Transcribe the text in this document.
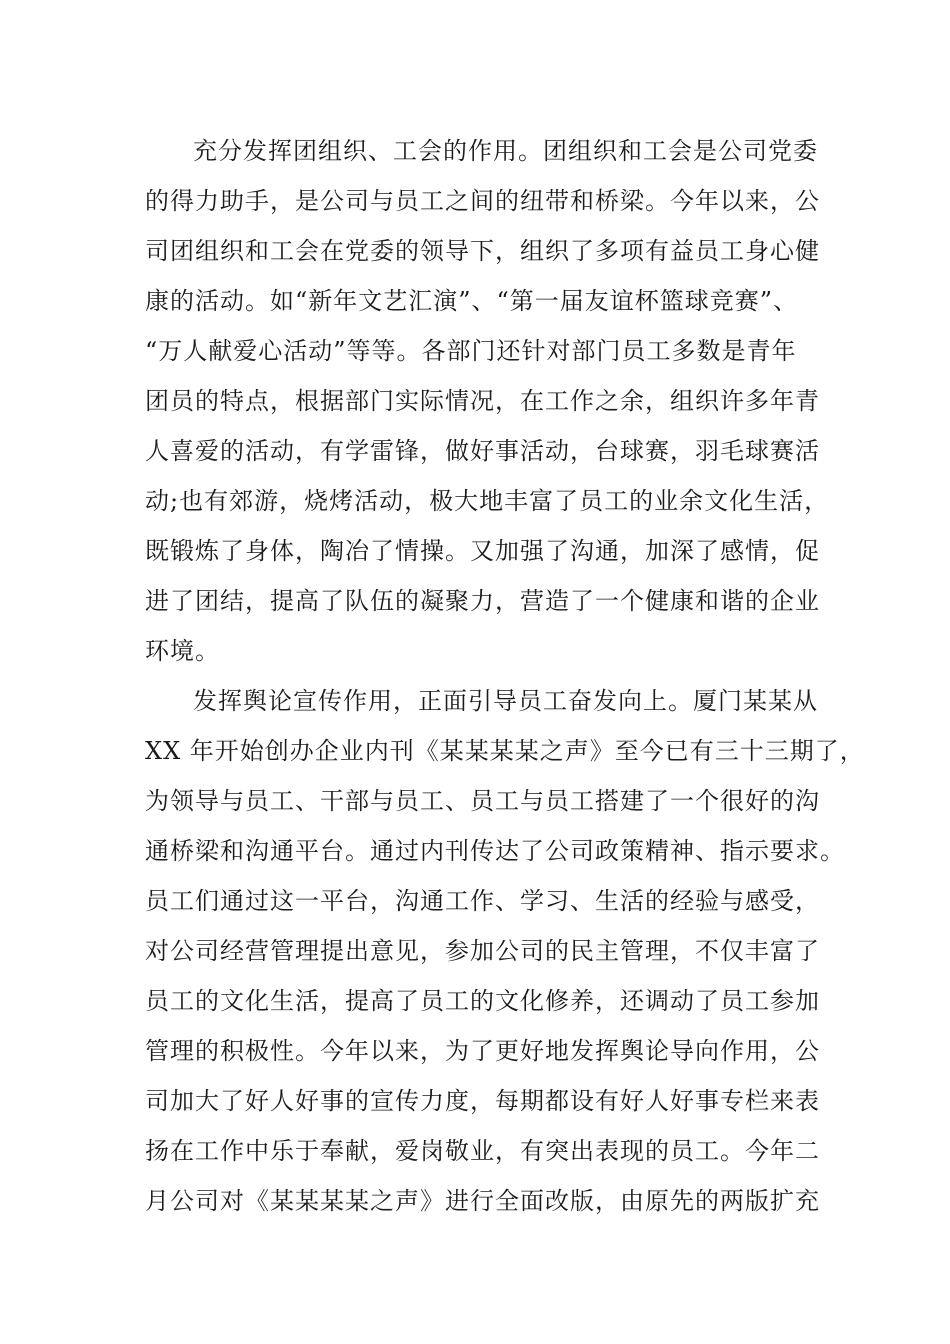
充分发挥团组织、工会的作用。团组织和工会是公司党委
的得力助手，是公司与员工之间的纽带和桥梁。今年以来，公
司团组织和工会在党委的领导下，组织了多项有益员工身心健
康的活动。如“新年文艺汇演”、“第一届友谊杯篮球竞赛”、
“万人献爱心活动”等等。各部门还针对部门员工多数是青年
团员的特点，根据部门实际情况，在工作之余，组织许多年青
人喜爱的活动，有学雷锋，做好事活动，台球赛，羽毛球赛活
动;也有郊游，烧烤活动，极大地丰富了员工的业余文化生活，
既锻炼了身体，陶冶了情操。又加强了沟通，加深了感情，促
进了团结，提高了队伍的凝聚力，营造了一个健康和谐的企业
环境。
发挥舆论宣传作用，正面引导员工奋发向上。厦门某某从
XX 年开始创办企业内刊《某某某某之声》至今已有三十三期了，
为领导与员工、干部与员工、员工与员工搭建了一个很好的沟
通桥梁和沟通平台。通过内刊传达了公司政策精神、指示要求。
员工们通过这一平台，沟通工作、学习、生活的经验与感受，
对公司经营管理提出意见，参加公司的民主管理，不仅丰富了
员工的文化生活，提高了员工的文化修养，还调动了员工参加
管理的积极性。今年以来，为了更好地发挥舆论导向作用，公
司加大了好人好事的宣传力度，每期都设有好人好事专栏来表
扬在工作中乐于奉献，爱岗敬业，有突出表现的员工。今年二
月公司对《某某某某之声》进行全面改版，由原先的两版扩充
